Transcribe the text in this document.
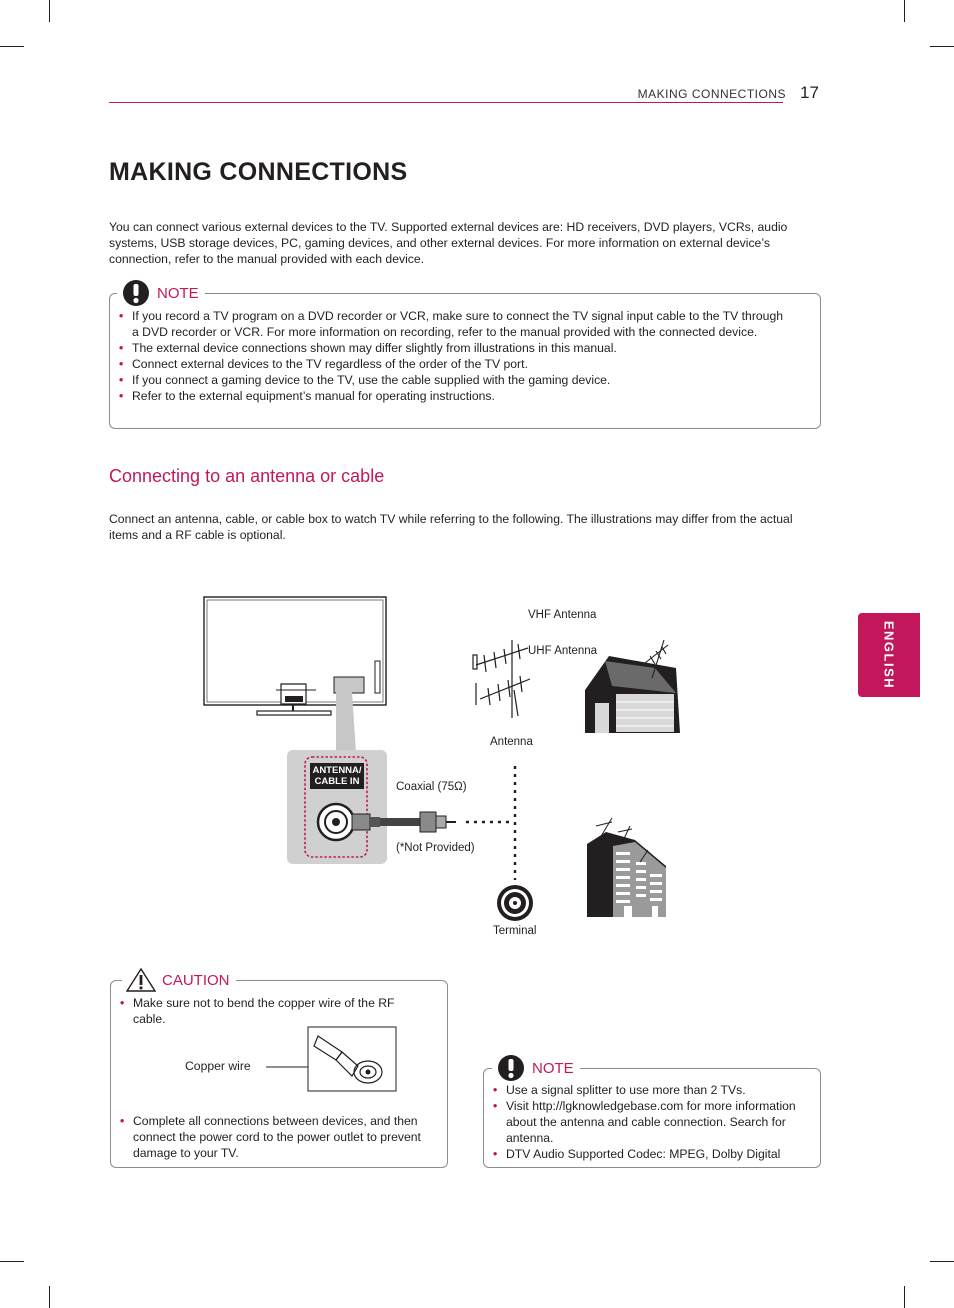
MAKING CONNECTIONS 17
MAKING CONNECTIONS

You can connect various external devices to the TV. Supported external devices are: HD receivers, DVD players, VCRs, audio systems, USB storage devices, PC, gaming devices, and other external devices. For more information on external device’s connection, refer to the manual provided with each device.

• If you record a TV program on a DVD recorder or VCR, make sure to connect the TV signal input cable to the TV through a DVD recorder or VCR. For more information on recording, refer to the manual provided with the connected device.
• The external device connections shown may differ slightly from illustrations in this manual.
• Connect external devices to the TV regardless of the order of the TV port.
• If you connect a gaming device to the TV, use the cable supplied with the gaming device.
• Refer to the external equipment’s manual for operating instructions.
NOTE
Connecting to an antenna or cable

Connect an antenna, cable, or cable box to watch TV while referring to the following. The illustrations may differ from the actual items and a RF cable is optional.

ENGLISH
ANTENNA/
CABLE IN
VHF Antenna
UHF Antenna
Antenna
Coaxial (75Ω)
(*Not Provided)
Terminal
• Make sure not to bend the copper wire of the RF cable.
• Complete all connections between devices, and then connect the power cord to the power outlet to prevent damage to your TV.
CAUTION
Copper wire
• Use a signal splitter to use more than 2 TVs.
• Visit http://lgknowledgebase.com for more information about the antenna and cable connection. Search for antenna.
• DTV Audio Supported Codec: MPEG, Dolby Digital
NOTE
